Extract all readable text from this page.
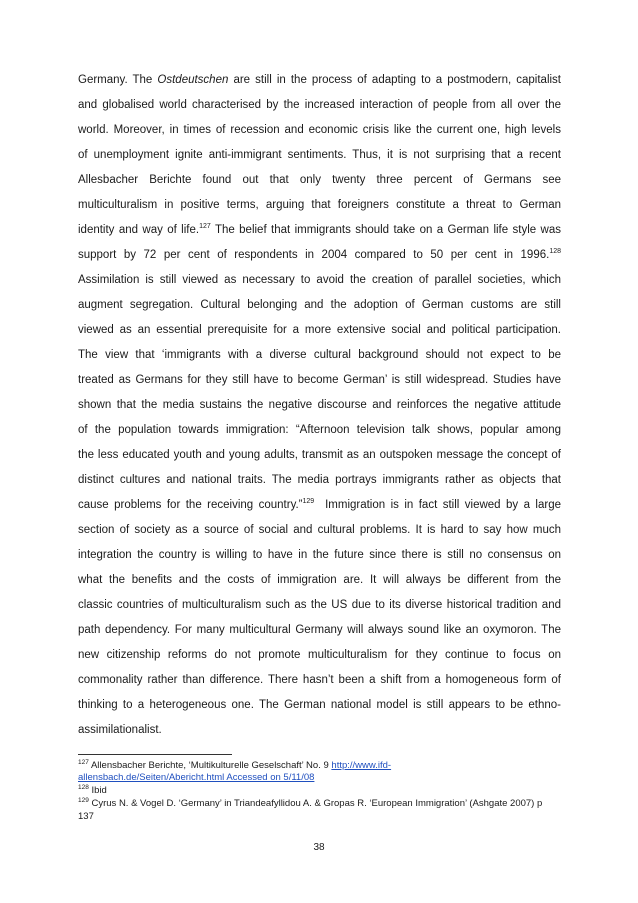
Germany. The Ostdeutschen are still in the process of adapting to a postmodern, capitalist
and globalised world characterised by the increased interaction of people from all over the
world. Moreover, in times of recession and economic crisis like the current one, high levels
of unemployment ignite anti-immigrant sentiments. Thus, it is not surprising that a recent
Allesbacher Berichte found out that only twenty three percent of Germans see
multiculturalism in positive terms, arguing that foreigners constitute a threat to German
identity and way of life.$^{127}$ The belief that immigrants should take on a German life style was
support by 72 per cent of respondents in 2004 compared to 50 per cent in 1996.$^{128}$
Assimilation is still viewed as necessary to avoid the creation of parallel societies, which
augment segregation. Cultural belonging and the adoption of German customs are still
viewed as an essential prerequisite for a more extensive social and political participation.
The view that ‘immigrants with a diverse cultural background should not expect to be
treated as Germans for they still have to become German’ is still widespread. Studies have
shown that the media sustains the negative discourse and reinforces the negative attitude
of the population towards immigration: “Afternoon television talk shows, popular among
the less educated youth and young adults, transmit as an outspoken message the concept of
distinct cultures and national traits. The media portrays immigrants rather as objects that
cause problems for the receiving country.”$^{129}$  Immigration is in fact still viewed by a large
section of society as a source of social and cultural problems. It is hard to say how much
integration the country is willing to have in the future since there is still no consensus on
what the benefits and the costs of immigration are. It will always be different from the
classic countries of multiculturalism such as the US due to its diverse historical tradition and
path dependency. For many multicultural Germany will always sound like an oxymoron. The
new citizenship reforms do not promote multiculturalism for they continue to focus on
commonality rather than difference. There hasn’t been a shift from a homogeneous form of
thinking to a heterogeneous one. The German national model is still appears to be ethno-
assimilationalist.
$^{127}$ Allensbacher Berichte, ‘Multikulturelle Geselschaft’ No. 9 http://www.ifd-
allensbach.de/Seiten/Abericht.html Accessed on 5/11/08
$^{128}$ Ibid
$^{129}$ Cyrus N. & Vogel D. ‘Germany’ in Triandeafyllidou A. & Gropas R. ‘European Immigration’ (Ashgate 2007) p
137
38
